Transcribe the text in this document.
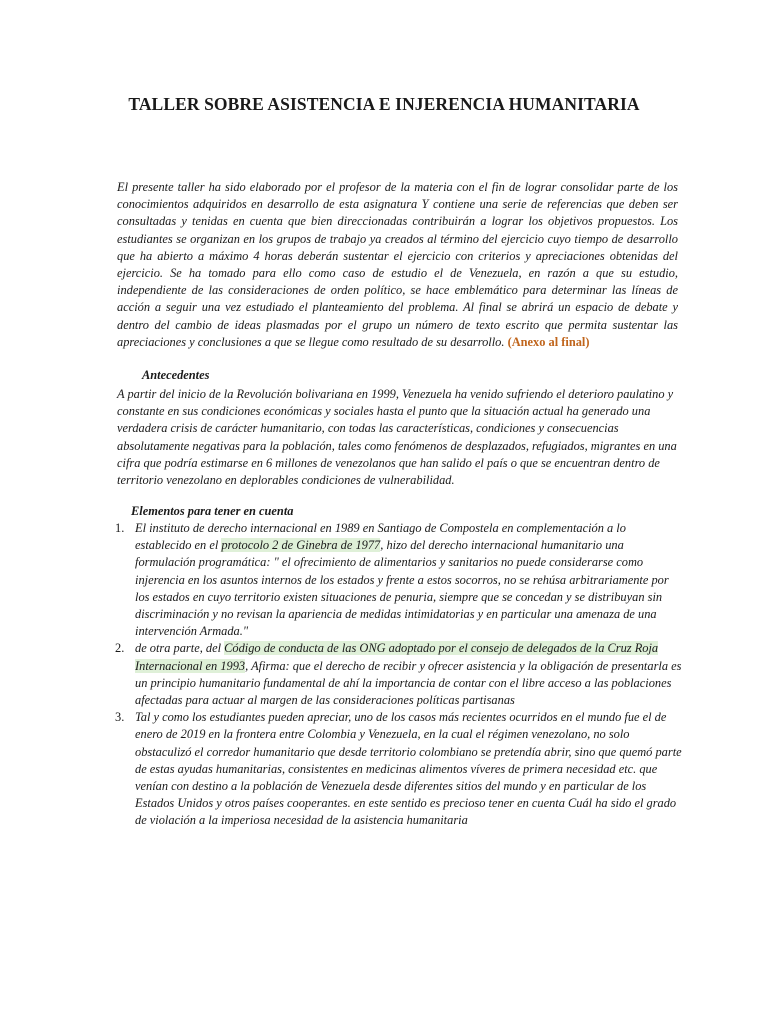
TALLER SOBRE ASISTENCIA E INJERENCIA HUMANITARIA

El presente taller ha sido elaborado por el profesor de la materia con el fin de lograr consolidar parte de los conocimientos adquiridos en desarrollo de esta asignatura Y contiene una serie de referencias que deben ser consultadas y tenidas en cuenta que bien direccionadas contribuirán a lograr los objetivos propuestos. Los estudiantes se organizan en los grupos de trabajo ya creados al término del ejercicio cuyo tiempo de desarrollo que ha abierto a máximo 4 horas deberán sustentar el ejercicio con criterios y apreciaciones obtenidas del ejercicio. Se ha tomado para ello como caso de estudio el de Venezuela, en razón a que su estudio, independiente de las consideraciones de orden político, se hace emblemático para determinar las líneas de acción a seguir una vez estudiado el planteamiento del problema. Al final se abrirá un espacio de debate y dentro del cambio de ideas plasmadas por el grupo un número de texto escrito que permita sustentar las apreciaciones y conclusiones a que se llegue como resultado de su desarrollo. (Anexo al final)

Antecedentes

A partir del inicio de la Revolución bolivariana en 1999, Venezuela ha venido sufriendo el deterioro paulatino y constante en sus condiciones económicas y sociales hasta el punto que la situación actual ha generado una verdadera crisis de carácter humanitario, con todas las características, condiciones y consecuencias absolutamente negativas para la población, tales como fenómenos de desplazados, refugiados, migrantes en una cifra que podría estimarse en 6 millones de venezolanos que han salido el país o que se encuentran dentro de territorio venezolano en deplorables condiciones de vulnerabilidad.

Elementos para tener en cuenta

1. El instituto de derecho internacional en 1989 en Santiago de Compostela en complementación a lo establecido en el protocolo 2 de Ginebra de 1977, hizo del derecho internacional humanitario una formulación programática: " el ofrecimiento de alimentarios y sanitarios no puede considerarse como injerencia en los asuntos internos de los estados y frente a estos socorros, no se rehúsa arbitrariamente por los estados en cuyo territorio existen situaciones de penuria, siempre que se concedan y se distribuyan sin discriminación y no revisan la apariencia de medidas intimidatorias y en particular una amenaza de una intervención Armada."
2. de otra parte, del Código de conducta de las ONG adoptado por el consejo de delegados de la Cruz Roja Internacional en 1993, Afirma: que el derecho de recibir y ofrecer asistencia y la obligación de presentarla es un principio humanitario fundamental de ahí la importancia de contar con el libre acceso a las poblaciones afectadas para actuar al margen de las consideraciones políticas partisanas
3. Tal y como los estudiantes pueden apreciar, uno de los casos más recientes ocurridos en el mundo fue el de enero de 2019 en la frontera entre Colombia y Venezuela, en la cual el régimen venezolano, no solo obstaculizó el corredor humanitario que desde territorio colombiano se pretendía abrir, sino que quemó parte de estas ayudas humanitarias, consistentes en medicinas alimentos víveres de primera necesidad etc. que venían con destino a la población de Venezuela desde diferentes sitios del mundo y en particular de los Estados Unidos y otros países cooperantes. en este sentido es precioso tener en cuenta Cuál ha sido el grado de violación a la imperiosa necesidad de la asistencia humanitaria
